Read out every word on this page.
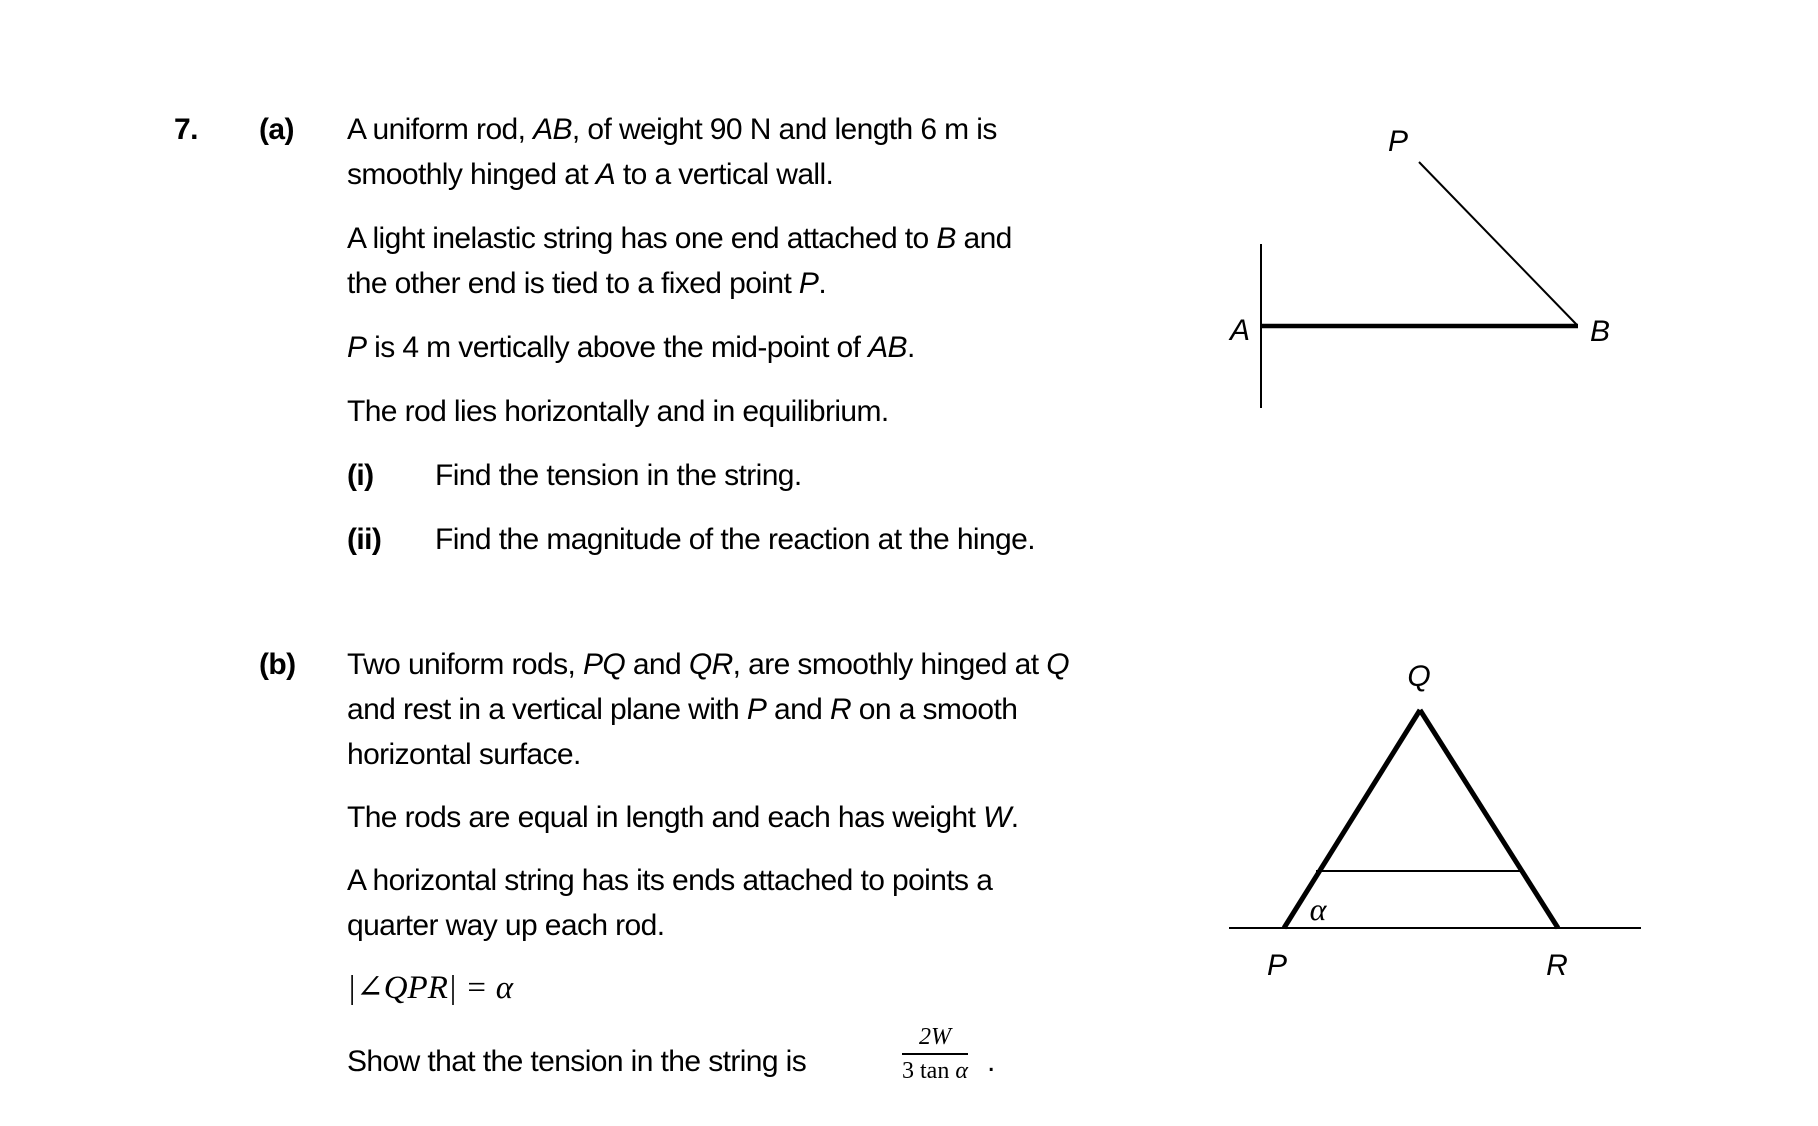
7. (a) A uniform rod, AB, of weight 90 N and length 6 m is
smoothly hinged at A to a vertical wall.
A light inelastic string has one end attached to B and
the other end is tied to a fixed point P.
P is 4 m vertically above the mid-point of AB.
The rod lies horizontally and in equilibrium.
(i) Find the tension in the string.
(ii) Find the magnitude of the reaction at the hinge.
(b) Two uniform rods, PQ and QR, are smoothly hinged at Q
and rest in a vertical plane with P and R on a smooth
horizontal surface.
The rods are equal in length and each has weight W.
A horizontal string has its ends attached to points a
quarter way up each rod.
|∠QPR| = α
Show that the tension in the string is	$\frac{2W}{\text{3 tan α}}$ .
P
A	B
Q
P	R
α
